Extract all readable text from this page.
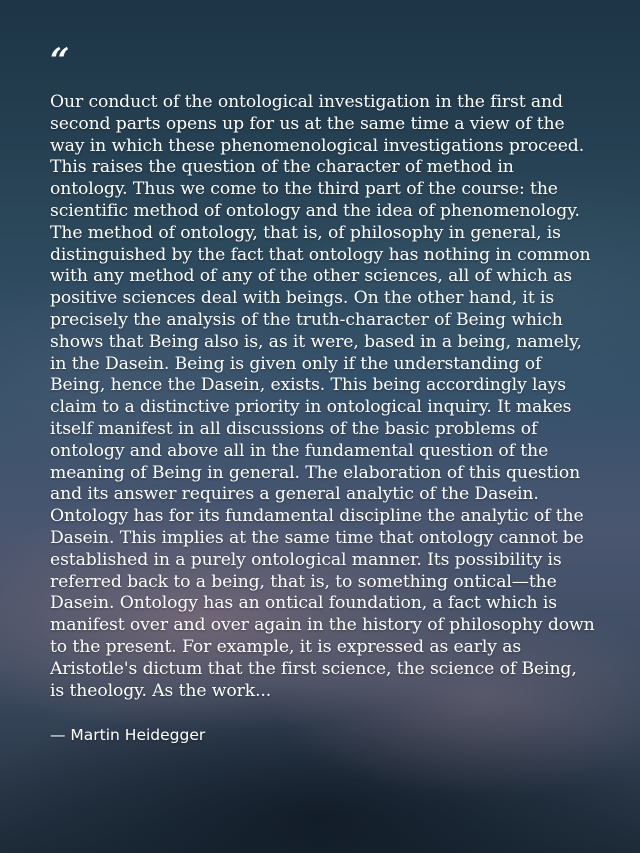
“

Our conduct of the ontological investigation in the first and second parts opens up for us at the same time a view of the way in which these phenomenological investigations proceed. This raises the question of the character of method in ontology. Thus we come to the third part of the course: the scientific method of ontology and the idea of phenomenology. The method of ontology, that is, of philosophy in general, is distinguished by the fact that ontology has nothing in common with any method of any of the other sciences, all of which as positive sciences deal with beings. On the other hand, it is precisely the analysis of the truth-character of Being which shows that Being also is, as it were, based in a being, namely, in the Dasein. Being is given only if the understanding of Being, hence the Dasein, exists. This being accordingly lays claim to a distinctive priority in ontological inquiry. It makes itself manifest in all discussions of the basic problems of ontology and above all in the fundamental question of the meaning of Being in general. The elaboration of this question and its answer requires a general analytic of the Dasein. Ontology has for its fundamental discipline the analytic of the Dasein. This implies at the same time that ontology cannot be established in a purely ontological manner. Its possibility is referred back to a being, that is, to something ontical—the Dasein. Ontology has an ontical foundation, a fact which is manifest over and over again in the history of philosophy down to the present. For example, it is expressed as early as Aristotle's dictum that the first science, the science of Being, is theology. As the work...

— Martin Heidegger
